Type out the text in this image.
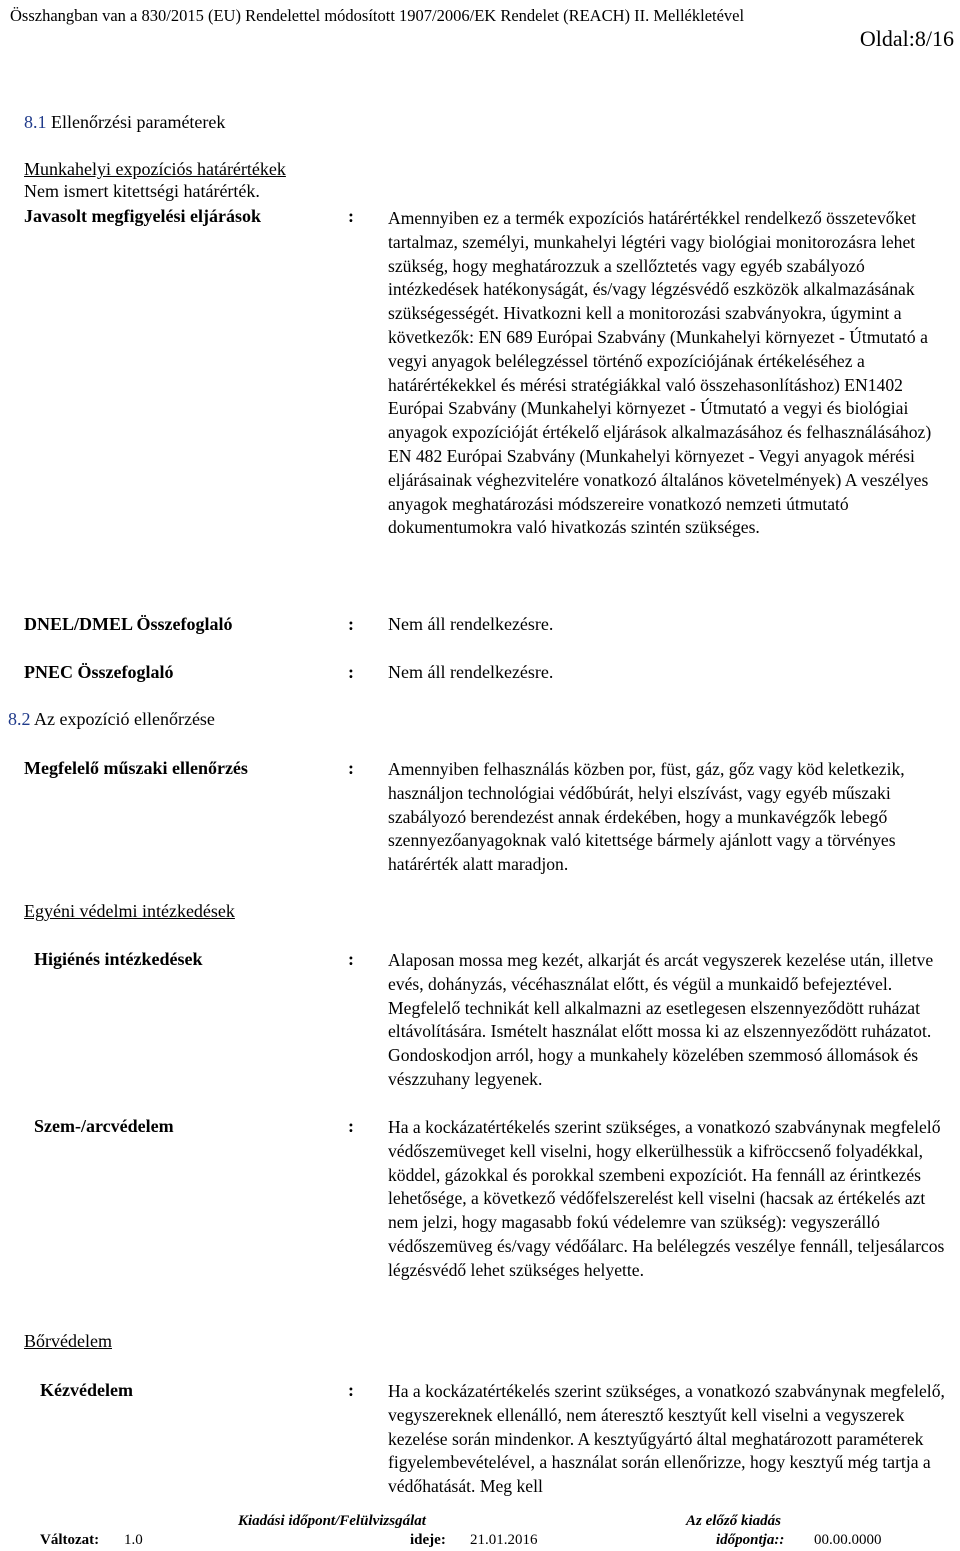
Összhangban van a 830/2015 (EU) Rendelettel módosított 1907/2006/EK Rendelet (REACH) II. Mellékletével
Oldal:8/16
8.1 Ellenőrzési paraméterek
Munkahelyi expozíciós határértékek
Nem ismert kitettségi határérték.
Javasolt megfigyelési eljárások	: Amennyiben ez a termék expozíciós határértékkel rendelkező összetevőket tartalmaz, személyi, munkahelyi légtéri vagy biológiai monitorozásra lehet szükség, hogy meghatározzuk a szellőztetés vagy egyéb szabályozó intézkedések hatékonyságát, és/vagy légzésvédő eszközök alkalmazásának szükségességét. Hivatkozni kell a monitorozási szabványokra, úgymint a következők: EN 689 Európai Szabvány (Munkahelyi környezet - Útmutató a vegyi anyagok belélegzéssel történő expozíciójának értékeléséhez a határértékekkel és mérési stratégiákkal való összehasonlításhoz) EN1402 Európai Szabvány (Munkahelyi környezet - Útmutató a vegyi és biológiai anyagok expozícióját értékelő eljárások alkalmazásához és felhasználásához) EN 482 Európai Szabvány (Munkahelyi környezet - Vegyi anyagok mérési eljárásainak véghezvitelére vonatkozó általános követelmények) A veszélyes anyagok meghatározási módszereire vonatkozó nemzeti útmutató dokumentumokra való hivatkozás szintén szükséges.
DNEL/DMEL Összefoglaló	: Nem áll rendelkezésre.
PNEC Összefoglaló	: Nem áll rendelkezésre.
8.2 Az expozíció ellenőrzése
Megfelelő műszaki ellenőrzés	: Amennyiben felhasználás közben por, füst, gáz, gőz vagy köd keletkezik, használjon technológiai védőbúrát, helyi elszívást, vagy egyéb műszaki szabályozó berendezést annak érdekében, hogy a munkavégzők lebegő szennyezőanyagoknak való kitettsége bármely ajánlott vagy a törvényes határérték alatt maradjon.
Egyéni védelmi intézkedések
Higiénés intézkedések	: Alaposan mossa meg kezét, alkarját és arcát vegyszerek kezelése után, illetve evés, dohányzás, vécéhasználat előtt, és végül a munkaidő befejeztével. Megfelelő technikát kell alkalmazni az esetlegesen elszennyeződött ruházat eltávolítására. Ismételt használat előtt mossa ki az elszennyeződött ruházatot. Gondoskodjon arról, hogy a munkahely közelében szemmosó állomások és vészzuhany legyenek.
Szem-/arcvédelem	: Ha a kockázatértékelés szerint szükséges, a vonatkozó szabványnak megfelelő védőszemüveget kell viselni, hogy elkerülhessük a kifröccsenő folyadékkal, köddel, gázokkal és porokkal szembeni expozíciót. Ha fennáll az érintkezés lehetősége, a következő védőfelszerelést kell viselni (hacsak az értékelés azt nem jelzi, hogy magasabb fokú védelemre van szükség): vegyszerálló védőszemüveg és/vagy védőálarc. Ha belélegzés veszélye fennáll, teljesálarcos légzésvédő lehet szükséges helyette.
Bőrvédelem
Kézvédelem	: Ha a kockázatértékelés szerint szükséges, a vonatkozó szabványnak megfelelő, vegyszereknek ellenálló, nem áteresztő kesztyűt kell viselni a vegyszerek kezelése során mindenkor. A kesztyűgyártó által meghatározott paraméterek figyelembevételével, a használat során ellenőrizze, hogy kesztyű még tartja a védőhatását. Meg kell
Kiadási időpont/Felülvizsgálat	Az előző kiadás
Változat: 1.0	ideje: 21.01.2016	időpontja:: 00.00.0000
